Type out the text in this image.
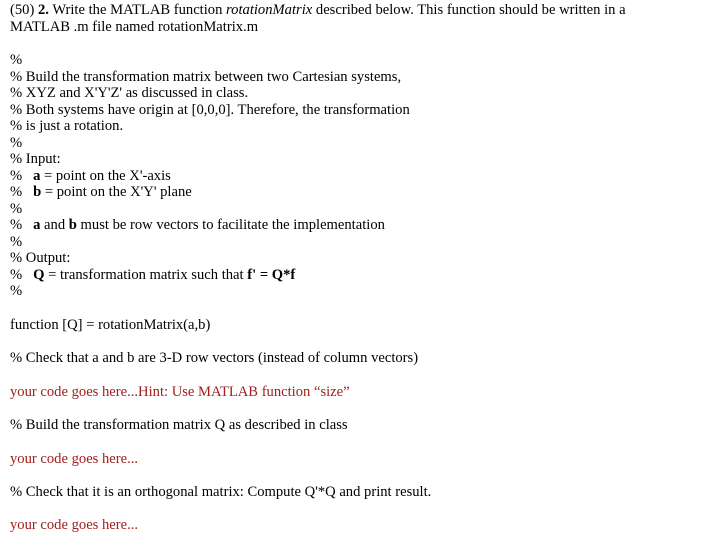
(50) 2. Write the MATLAB function rotationMatrix described below. This function should be written in a
MATLAB .m file named rotationMatrix.m
%
% Build the transformation matrix between two Cartesian systems,
% XYZ and X'Y'Z' as discussed in class.
% Both systems have origin at [0,0,0]. Therefore, the transformation
% is just a rotation.
%
% Input:
%   a = point on the X'-axis
%   b = point on the X'Y' plane
%
%   a and b must be row vectors to facilitate the implementation
%
% Output:
%   Q = transformation matrix such that f' = Q*f
%
function [Q] = rotationMatrix(a,b)
% Check that a and b are 3-D row vectors (instead of column vectors)
your code goes here...Hint: Use MATLAB function “size”
% Build the transformation matrix Q as described in class
your code goes here...
% Check that it is an orthogonal matrix: Compute Q'*Q and print result.
your code goes here...
